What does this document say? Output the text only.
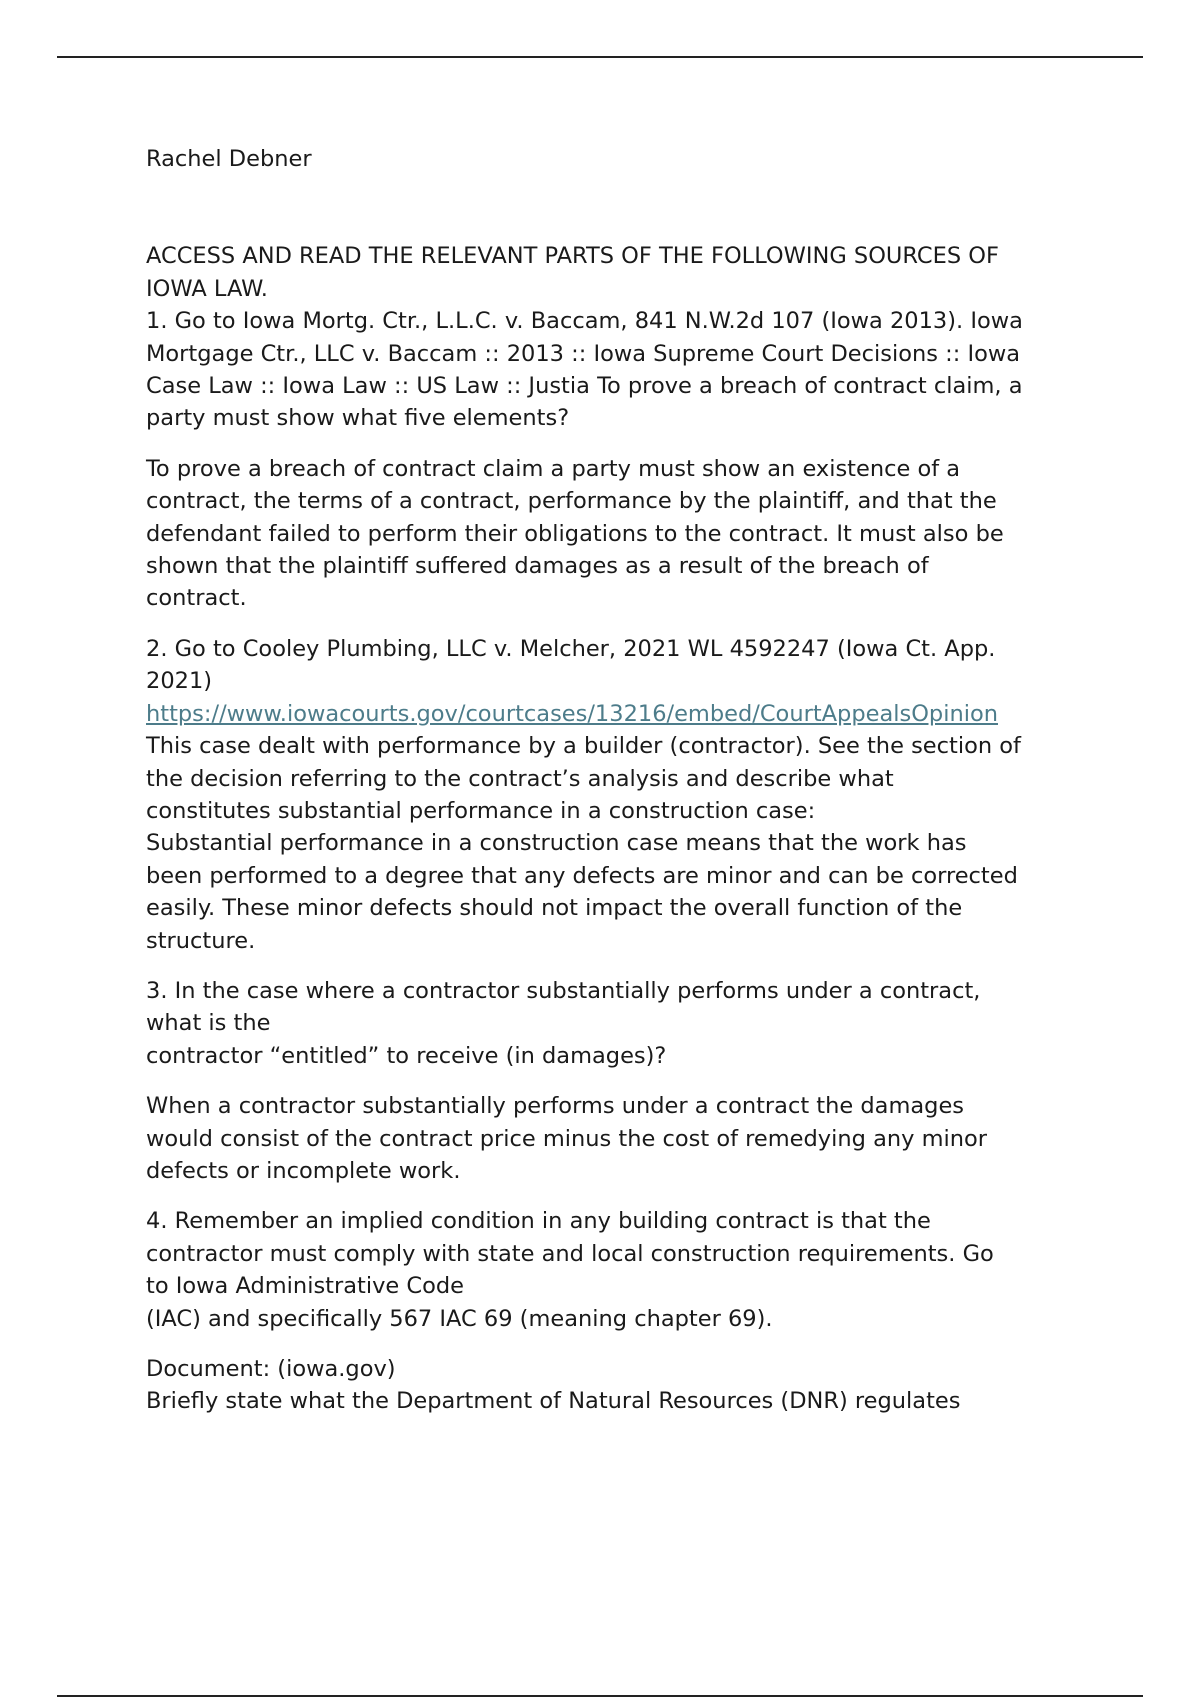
Rachel Debner
ACCESS AND READ THE RELEVANT PARTS OF THE FOLLOWING SOURCES OF
IOWA LAW.
1. Go to Iowa Mortg. Ctr., L.L.C. v. Baccam, 841 N.W.2d 107 (Iowa 2013). Iowa
Mortgage Ctr., LLC v. Baccam :: 2013 :: Iowa Supreme Court Decisions :: Iowa
Case Law :: Iowa Law :: US Law :: Justia To prove a breach of contract claim, a
party must show what five elements?
To prove a breach of contract claim a party must show an existence of a
contract, the terms of a contract, performance by the plaintiff, and that the
defendant failed to perform their obligations to the contract. It must also be
shown that the plaintiff suffered damages as a result of the breach of
contract.
2. Go to Cooley Plumbing, LLC v. Melcher, 2021 WL 4592247 (Iowa Ct. App.
2021)
https://www.iowacourts.gov/courtcases/13216/embed/CourtAppealsOpinion
This case dealt with performance by a builder (contractor). See the section of
the decision referring to the contract’s analysis and describe what
constitutes substantial performance in a construction case:
Substantial performance in a construction case means that the work has
been performed to a degree that any defects are minor and can be corrected
easily. These minor defects should not impact the overall function of the
structure.
3. In the case where a contractor substantially performs under a contract,
what is the
contractor “entitled” to receive (in damages)?
When a contractor substantially performs under a contract the damages
would consist of the contract price minus the cost of remedying any minor
defects or incomplete work.
4. Remember an implied condition in any building contract is that the
contractor must comply with state and local construction requirements. Go
to Iowa Administrative Code
(IAC) and specifically 567 IAC 69 (meaning chapter 69).
Document: (iowa.gov)
Briefly state what the Department of Natural Resources (DNR) regulates
